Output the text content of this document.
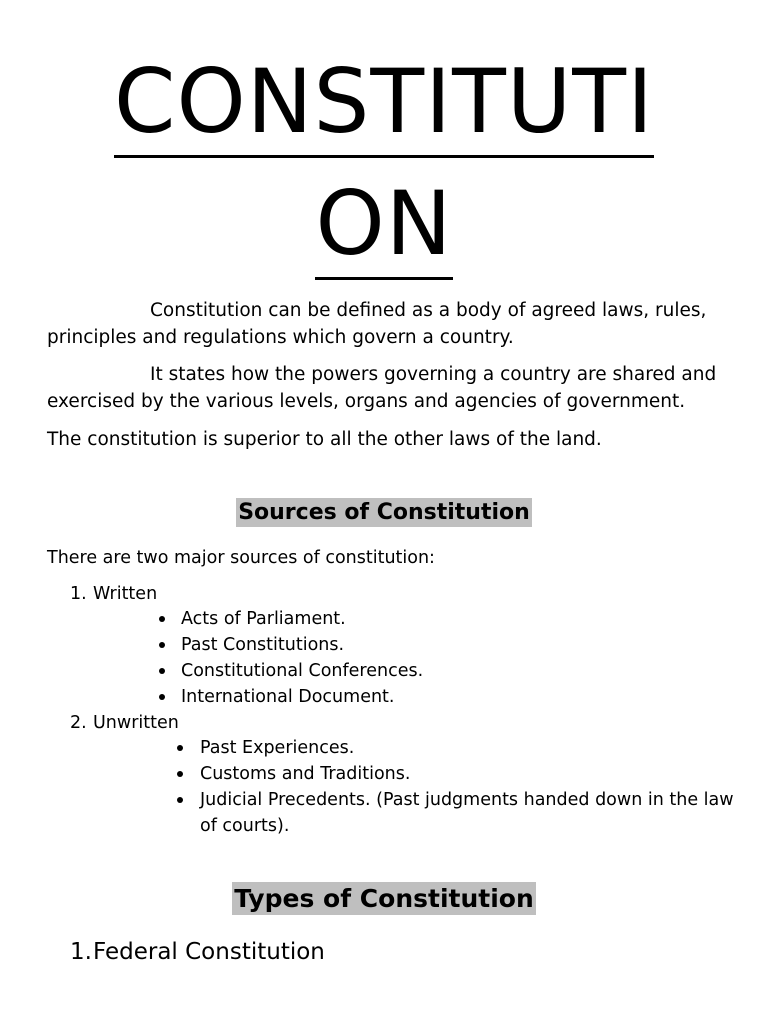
CONSTITUTI
ON
Constitution can be defined as a body of agreed laws, rules, principles and regulations which govern a country.
It states how the powers governing a country are shared and exercised by the various levels, organs and agencies of government.
The constitution is superior to all the other laws of the land.
Sources of Constitution
There are two major sources of constitution:
1. Written
Acts of Parliament.
Past Constitutions.
Constitutional Conferences.
International Document.
2. Unwritten
Past Experiences.
Customs and Traditions.
Judicial Precedents. (Past judgments handed down in the law
of courts).
Types of Constitution
1. Federal Constitution
